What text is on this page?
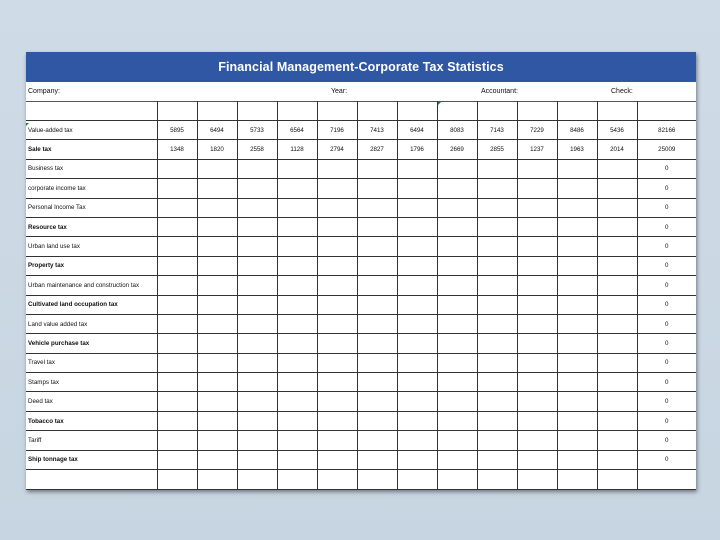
Financial Management-Corporate Tax Statistics
Company:	Year:	Accountant:	Check:

Value-added tax	5895	6494	5733	6564	7196	7413	6494	8083	7143	7229	8486	5436	82166
Sale tax	1348	1820	2558	1128	2794	2827	1796	2669	2855	1237	1963	2014	25009
Business tax													0
corporate income tax													0
Personal Income Tax													0
Resource tax													0
Urban land use tax													0
Property tax													0
Urban maintenance and construction tax													0
Cultivated land occupation tax													0
Land value added tax													0
Vehicle purchase tax													0
Travel tax													0
Stamps tax													0
Deed tax													0
Tobacco tax													0
Tariff													0
Ship tonnage tax													0
